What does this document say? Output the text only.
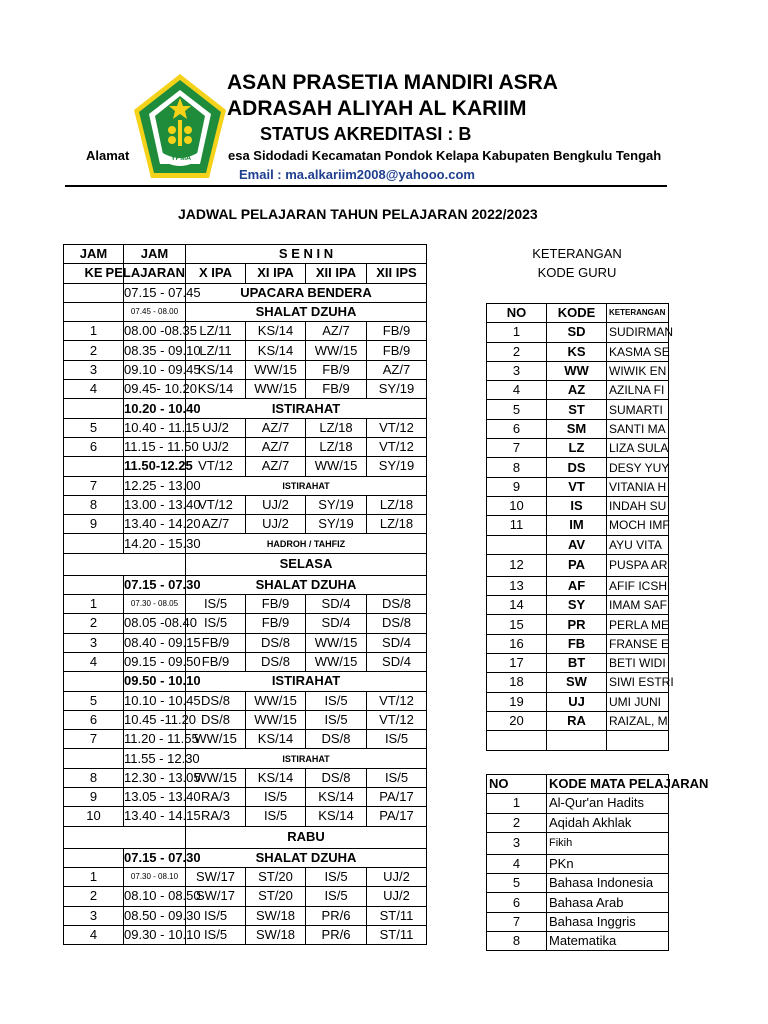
YPMA
ASAN PRASETIA MANDIRI ASRA
ADRASAH ALIYAH AL KARIIM
STATUS AKREDITASI : B
Alamat	esa Sidodadi Kecamatan Pondok Kelapa Kabupaten Bengkulu Tengah
Email : ma.alkariim2008@yahooo.com
JADWAL PELAJARAN TAHUN PELAJARAN 2022/2023
JAM	JAM	S E N I N			
KE	PELAJARAN	X IPA	XI IPA	XII IPA	XII IPS
	07.15 - 07.45	UPACARA BENDERA			
	07.45 - 08.00	SHALAT DZUHA			
1	08.00 -08.35	LZ/11	KS/14	AZ/7	FB/9
2	08.35 - 09.10	LZ/11	KS/14	WW/15	FB/9
3	09.10 - 09.45	KS/14	WW/15	FB/9	AZ/7
4	09.45- 10.20	KS/14	WW/15	FB/9	SY/19
	10.20 - 10.40	ISTIRAHAT			
5	10.40 - 11.15	UJ/2	AZ/7	LZ/18	VT/12
6	11.15 - 11.50	UJ/2	AZ/7	LZ/18	VT/12
	11.50-12.25	VT/12	AZ/7	WW/15	SY/19
7	12.25 - 13.00	ISTIRAHAT			
8	13.00 - 13.40	VT/12	UJ/2	SY/19	LZ/18
9	13.40 - 14.20	AZ/7	UJ/2	SY/19	LZ/18
	14.20 - 15.30	HADROH / TAHFIZ			
		SELASA			
	07.15 - 07.30	SHALAT DZUHA			
1	07.30 - 08.05	IS/5	FB/9	SD/4	DS/8
2	08.05 -08.40	IS/5	FB/9	SD/4	DS/8
3	08.40 - 09.15	FB/9	DS/8	WW/15	SD/4
4	09.15 - 09.50	FB/9	DS/8	WW/15	SD/4
	09.50 - 10.10	ISTIRAHAT			
5	10.10 - 10.45	DS/8	WW/15	IS/5	VT/12
6	10.45 -11.20	DS/8	WW/15	IS/5	VT/12
7	11.20 - 11.55	WW/15	KS/14	DS/8	IS/5
	11.55 - 12.30	ISTIRAHAT			
8	12.30 - 13.05	WW/15	KS/14	DS/8	IS/5
9	13.05 - 13.40	RA/3	IS/5	KS/14	PA/17
10	13.40 - 14.15	RA/3	IS/5	KS/14	PA/17
		RABU			
	07.15 - 07.30	SHALAT DZUHA			
1	07.30 - 08.10	SW/17	ST/20	IS/5	UJ/2
2	08.10 - 08.50	SW/17	ST/20	IS/5	UJ/2
3	08.50 - 09.30	IS/5	SW/18	PR/6	ST/11
4	09.30 - 10.10	IS/5	SW/18	PR/6	ST/11
KETERANGAN
KODE GURU
NO	KODE	KETERANGAN
1	SD	SUDIRMAN
2	KS	KASMA SE
3	WW	WIWIK EN
4	AZ	AZILNA FI
5	ST	SUMARTI
6	SM	SANTI MA
7	LZ	LIZA SULA
8	DS	DESY YUY
9	VT	VITANIA H
10	IS	INDAH SU
11	IM	MOCH IMF
	AV	AYU VITA
12	PA	PUSPA AR
13	AF	AFIF ICSH
14	SY	IMAM SAF
15	PR	PERLA ME
16	FB	FRANSE E
17	BT	BETI WIDI
18	SW	SIWI ESTRI
19	UJ	UMI JUNI
20	RA	RAIZAL, M

NO	KODE MATA PELAJARAN
1	Al-Qur'an Hadits
2	Aqidah Akhlak
3	Fikih
4	PKn
5	Bahasa Indonesia
6	Bahasa Arab
7	Bahasa Inggris
8	Matematika
